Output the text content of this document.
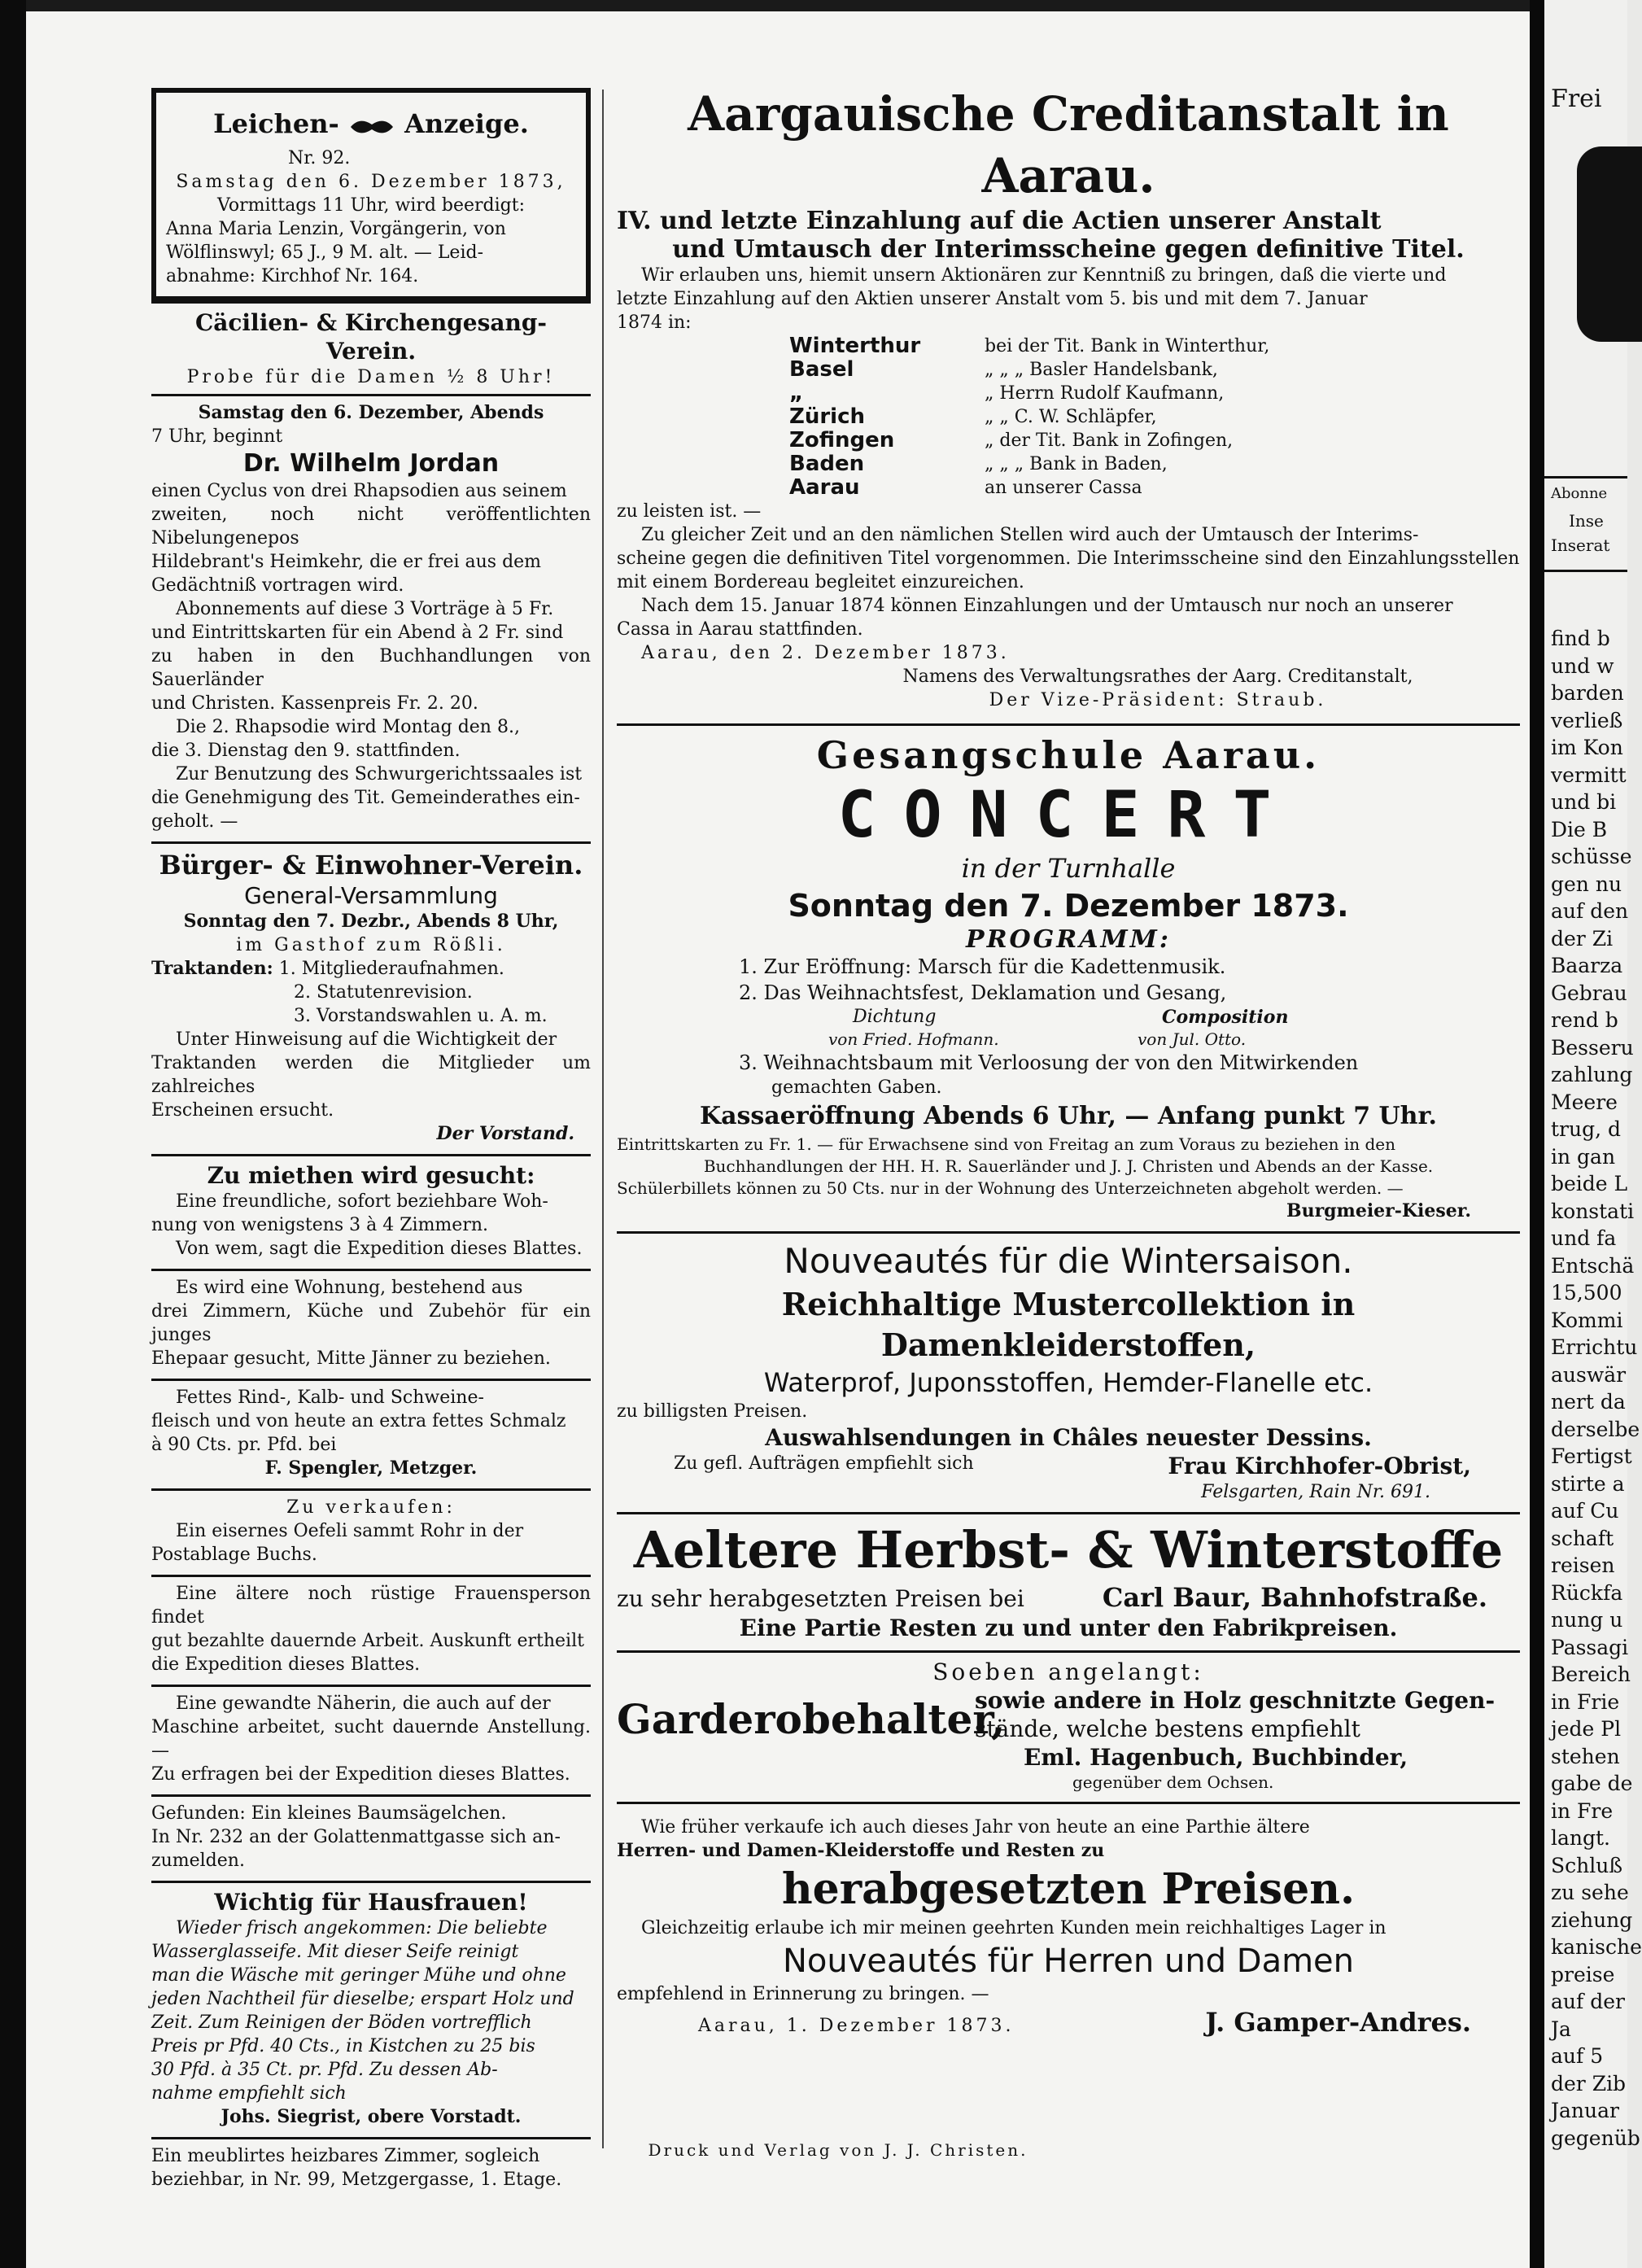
Frei
Abonne
Inse
Inserat
find b
und w
barden
verließ
im Kon
vermitt
und bi
Die B
schüsse
gen nu
auf den
der Zi
Baarza
Gebrau
rend b
Besseru
zahlung
Meere
trug, d
in gan
beide L
konstati
und fa
Entschä
15,500
Kommi
Errichtu
auswär
nert da
derselbe
Fertigst
stirte a
auf Cu
schaft
reisen
Rückfa
nung u
Passagi
Bereich
in Frie
jede Pl
stehen
gabe de
in Fre
langt.
Schluß
zu sehe
ziehung
kanische
preise
auf der
Ja
auf 5
der Zib
Januar
gegenüb

Leichen-	Anzeige.

Nr. 92.

Samstag den 6. Dezember 1873,

Vormittags 11 Uhr, wird beerdigt:

Anna Maria Lenzin, Vorgängerin, von

Wölflinswyl; 65 J., 9 M. alt. — Leid-

abnahme: Kirchhof Nr. 164.

Cäcilien- & Kirchengesang-Verein.

Probe für die Damen ½ 8 Uhr!

Samstag den 6. Dezember, Abends

7 Uhr, beginnt

Dr. Wilhelm Jordan

einen Cyclus von drei Rhapsodien aus seinem

zweiten, noch nicht veröffentlichten Nibelungenepos

Hildebrant's Heimkehr, die er frei aus dem

Gedächtniß vortragen wird.

Abonnements auf diese 3 Vorträge à 5 Fr.

und Eintrittskarten für ein Abend à 2 Fr. sind

zu haben in den Buchhandlungen von Sauerländer

und Christen. Kassenpreis Fr. 2. 20.

Die 2. Rhapsodie wird Montag den 8.,

die 3. Dienstag den 9. stattfinden.

Zur Benutzung des Schwurgerichtssaales ist

die Genehmigung des Tit. Gemeinderathes ein-

geholt. —

Bürger- & Einwohner-Verein.

General-Versammlung

Sonntag den 7. Dezbr., Abends 8 Uhr,

im Gasthof zum Rößli.

Traktanden: 1. Mitgliederaufnahmen.

2. Statutenrevision.

3. Vorstandswahlen u. A. m.

Unter Hinweisung auf die Wichtigkeit der

Traktanden werden die Mitglieder um zahlreiches

Erscheinen ersucht.

Der Vorstand.

Zu miethen wird gesucht:

Eine freundliche, sofort beziehbare Woh-

nung von wenigstens 3 à 4 Zimmern.

Von wem, sagt die Expedition dieses Blattes.

Es wird eine Wohnung, bestehend aus

drei Zimmern, Küche und Zubehör für ein junges

Ehepaar gesucht, Mitte Jänner zu beziehen.

Fettes Rind-, Kalb- und Schweine-

fleisch und von heute an extra fettes Schmalz

à 90 Cts. pr. Pfd. bei

F. Spengler, Metzger.

Zu verkaufen:

Ein eisernes Oefeli sammt Rohr in der

Postablage Buchs.

Eine ältere noch rüstige Frauensperson findet

gut bezahlte dauernde Arbeit. Auskunft ertheilt

die Expedition dieses Blattes.

Eine gewandte Näherin, die auch auf der

Maschine arbeitet, sucht dauernde Anstellung. —

Zu erfragen bei der Expedition dieses Blattes.

Gefunden: Ein kleines Baumsägelchen.

In Nr. 232 an der Golattenmattgasse sich an-

zumelden.

Wichtig für Hausfrauen!

Wieder frisch angekommen: Die beliebte

Wasserglasseife. Mit dieser Seife reinigt

man die Wäsche mit geringer Mühe und ohne

jeden Nachtheil für dieselbe; erspart Holz und

Zeit. Zum Reinigen der Böden vortrefflich

Preis pr Pfd. 40 Cts., in Kistchen zu 25 bis

30 Pfd. à 35 Ct. pr. Pfd. Zu dessen Ab-

nahme empfiehlt sich

Johs. Siegrist, obere Vorstadt.

Ein meublirtes heizbares Zimmer, sogleich

beziehbar, in Nr. 99, Metzgergasse, 1. Etage.

Aargauische Creditanstalt in Aarau.

IV. und letzte Einzahlung auf die Actien unserer Anstalt

und Umtausch der Interimsscheine gegen definitive Titel.

Wir erlauben uns, hiemit unsern Aktionären zur Kenntniß zu bringen, daß die vierte und

letzte Einzahlung auf den Aktien unserer Anstalt vom 5. bis und mit dem 7. Januar

1874 in:

Winterthur	bei der Tit. Bank in Winterthur,
Basel	„ „ „ Basler Handelsbank,
„	„ Herrn Rudolf Kaufmann,
Zürich	„ „ C. W. Schläpfer,
Zofingen	„ der Tit. Bank in Zofingen,
Baden	„ „ „ Bank in Baden,
Aarau	an unserer Cassa

zu leisten ist. —

Zu gleicher Zeit und an den nämlichen Stellen wird auch der Umtausch der Interims-

scheine gegen die definitiven Titel vorgenommen. Die Interimsscheine sind den Einzahlungsstellen

mit einem Bordereau begleitet einzureichen.

Nach dem 15. Januar 1874 können Einzahlungen und der Umtausch nur noch an unserer

Cassa in Aarau stattfinden.

Aarau, den 2. Dezember 1873.

Namens des Verwaltungsrathes der Aarg. Creditanstalt,

Der Vize-Präsident: Straub.

Gesangschule Aarau.

CONCERT

in der Turnhalle

Sonntag den 7. Dezember 1873.

PROGRAMM:

1. Zur Eröffnung: Marsch für die Kadettenmusik.

2. Das Weihnachtsfest, Deklamation und Gesang,

Dichtung	Composition
von Fried. Hofmann.	von Jul. Otto.

3. Weihnachtsbaum mit Verloosung der von den Mitwirkenden

gemachten Gaben.

Kassaeröffnung Abends 6 Uhr, — Anfang punkt 7 Uhr.

Eintrittskarten zu Fr. 1. — für Erwachsene sind von Freitag an zum Voraus zu beziehen in den

Buchhandlungen der HH. H. R. Sauerländer und J. J. Christen und Abends an der Kasse.

Schülerbillets können zu 50 Cts. nur in der Wohnung des Unterzeichneten abgeholt werden. —

Burgmeier-Kieser.

Nouveautés für die Wintersaison.

Reichhaltige Mustercollektion in Damenkleiderstoffen,

Waterprof, Juponsstoffen, Hemder-Flanelle etc.

zu billigsten Preisen.

Auswahlsendungen in Châles neuester Dessins.

Zu gefl. Aufträgen empfiehlt sich	Frau Kirchhofer-Obrist,

Felsgarten, Rain Nr. 691.

Aeltere Herbst- & Winterstoffe

zu sehr herabgesetzten Preisen bei	Carl Baur, Bahnhofstraße.

Eine Partie Resten zu und unter den Fabrikpreisen.

Soeben angelangt:

Garderobehalter,

sowie andere in Holz geschnitzte Gegen-

stände, welche bestens empfiehlt

Eml. Hagenbuch, Buchbinder,

gegenüber dem Ochsen.

Wie früher verkaufe ich auch dieses Jahr von heute an eine Parthie ältere

Herren- und Damen-Kleiderstoffe und Resten zu

herabgesetzten Preisen.

Gleichzeitig erlaube ich mir meinen geehrten Kunden mein reichhaltiges Lager in

Nouveautés für Herren und Damen

empfehlend in Erinnerung zu bringen. —

Aarau, 1. Dezember 1873.	J. Gamper-Andres.
Druck und Verlag von J. J. Christen.
